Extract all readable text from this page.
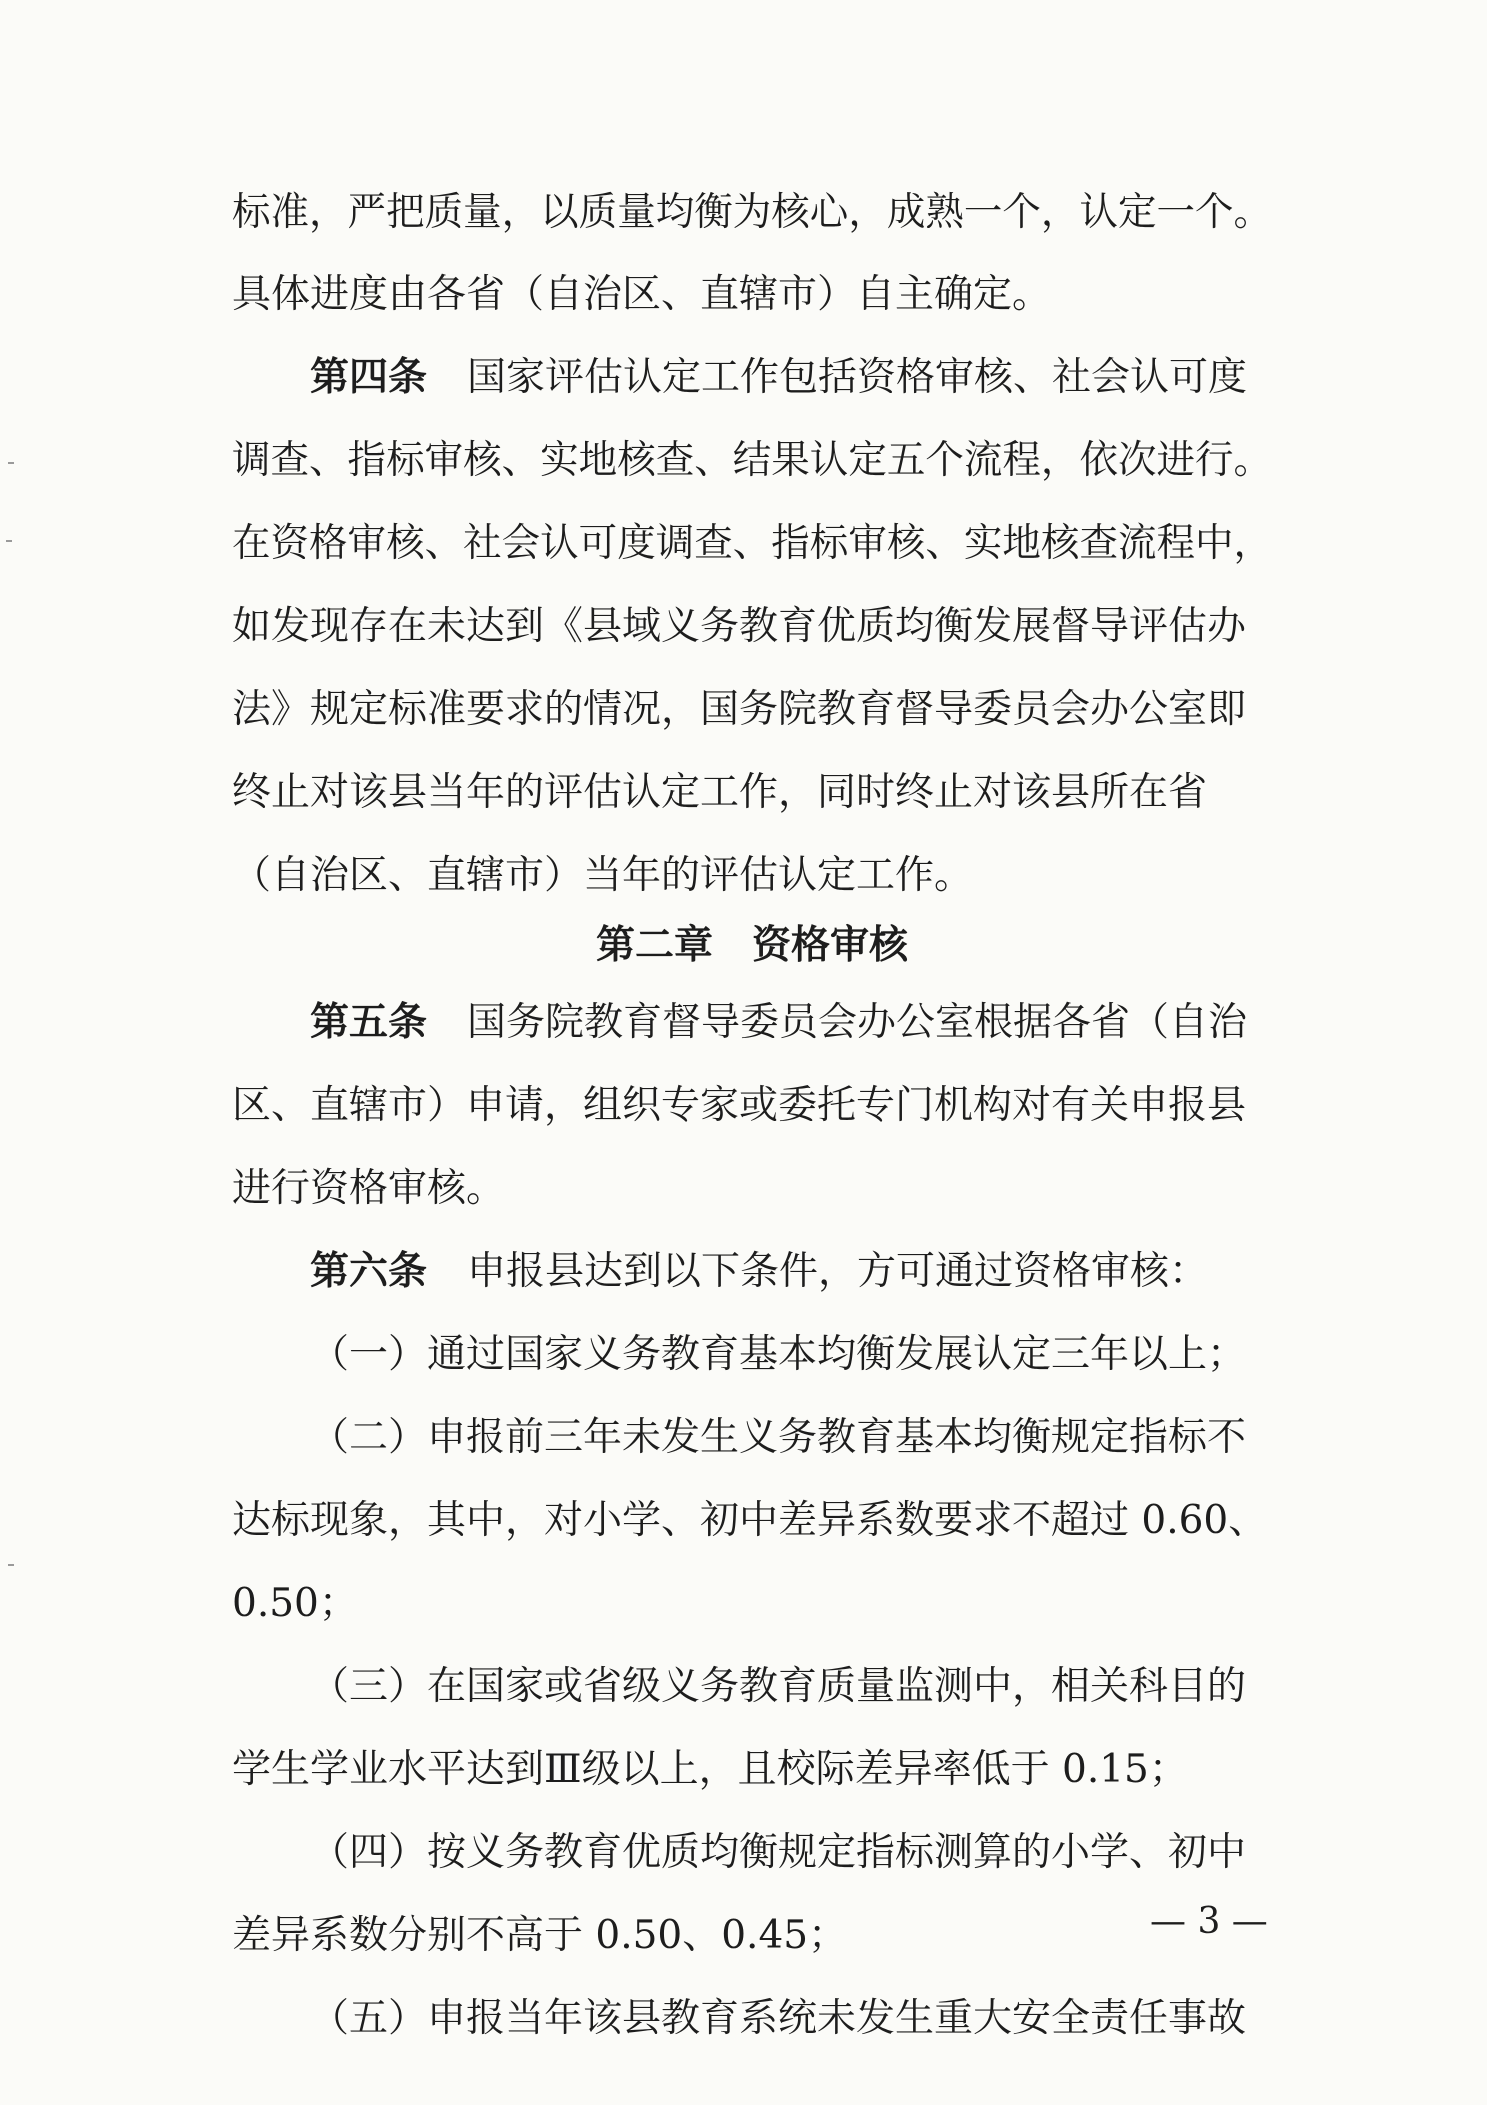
标准，严把质量，以质量均衡为核心，成熟一个，认定一个。
具体进度由各省（自治区、直辖市）自主确定。
第四条 国家评估认定工作包括资格审核、社会认可度
调查、指标审核、实地核查、结果认定五个流程，依次进行。
在资格审核、社会认可度调查、指标审核、实地核查流程中，
如发现存在未达到《县域义务教育优质均衡发展督导评估办
法》规定标准要求的情况，国务院教育督导委员会办公室即
终止对该县当年的评估认定工作，同时终止对该县所在省
（自治区、直辖市）当年的评估认定工作。
第二章　资格审核
第五条 国务院教育督导委员会办公室根据各省（自治
区、直辖市）申请，组织专家或委托专门机构对有关申报县
进行资格审核。
第六条 申报县达到以下条件，方可通过资格审核：
（一）通过国家义务教育基本均衡发展认定三年以上；
（二）申报前三年未发生义务教育基本均衡规定指标不
达标现象，其中，对小学、初中差异系数要求不超过 0.60、
0.50；
（三）在国家或省级义务教育质量监测中，相关科目的
学生学业水平达到Ⅲ级以上，且校际差异率低于 0.15；
（四）按义务教育优质均衡规定指标测算的小学、初中
差异系数分别不高于 0.50、0.45；
（五）申报当年该县教育系统未发生重大安全责任事故
— 3 —
